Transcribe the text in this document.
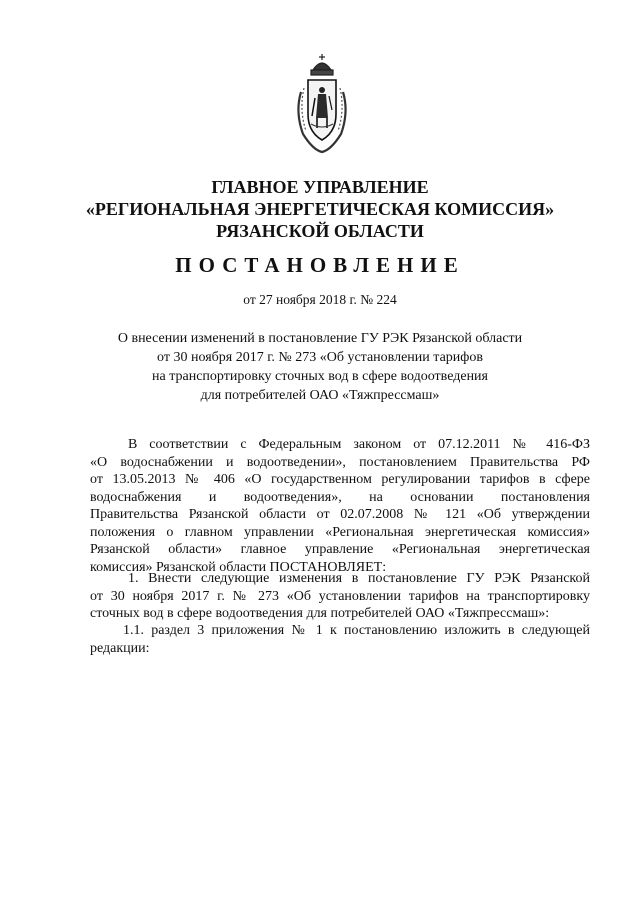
ГЛАВНОЕ УПРАВЛЕНИЕ

«РЕГИОНАЛЬНАЯ ЭНЕРГЕТИЧЕСКАЯ КОМИССИЯ»

РЯЗАНСКОЙ ОБЛАСТИ

ПОСТАНОВЛЕНИЕ

от 27 ноября 2018 г. № 224

О внесении изменений в постановление ГУ РЭК Рязанской области
от 30 ноября 2017 г. № 273 «Об установлении тарифов
на транспортировку сточных вод в сфере водоотведения
для потребителей ОАО «Тяжпрессмаш»
В соответствии с Федеральным законом от 07.12.2011 № 416-ФЗ
«О водоснабжении и водоотведении», постановлением Правительства РФ
от 13.05.2013 № 406 «О государственном регулировании тарифов в сфере
водоснабжения и водоотведения», на основании постановления
Правительства Рязанской области от 02.07.2008 № 121 «Об утверждении
положения о главном управлении «Региональная энергетическая комиссия»
Рязанской области» главное управление «Региональная энергетическая
комиссия» Рязанской области ПОСТАНОВЛЯЕТ:
1. Внести следующие изменения в постановление ГУ РЭК Рязанской
от 30 ноября 2017 г. № 273 «Об установлении тарифов на транспортировку
сточных вод в сфере водоотведения для потребителей ОАО «Тяжпрессмаш»:
1.1. раздел 3 приложения № 1 к постановлению изложить в следующей
редакции:
